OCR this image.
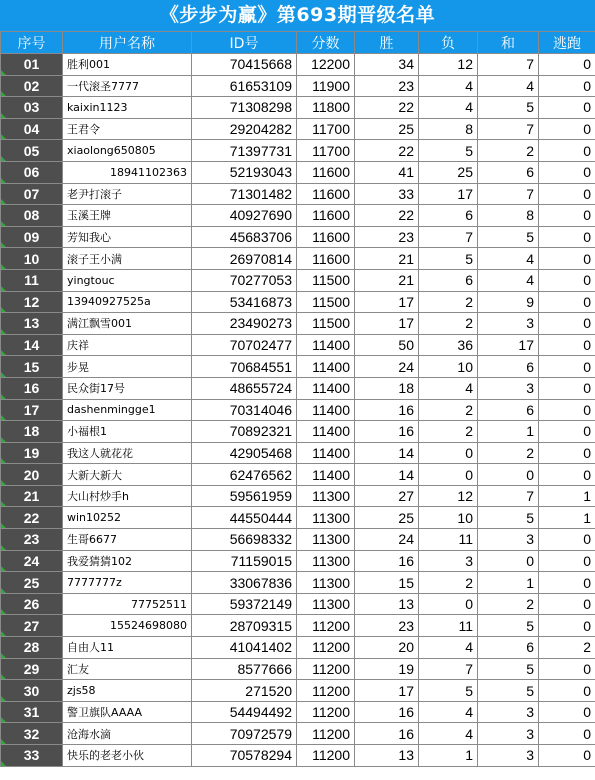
《步步为赢》第693期晋级名单
序号	用户名称	ID号	分数	胜	负	和	逃跑
01	胜利001	70415668	12200	34	12	7	0
02	一代滚圣7777	61653109	11900	23	4	4	0
03	kaixin1123	71308298	11800	22	4	5	0
04	王君令	29204282	11700	25	8	7	0
05	xiaolong650805	71397731	11700	22	5	2	0
06	18941102363	52193043	11600	41	25	6	0
07	老尹打滚子	71301482	11600	33	17	7	0
08	玉溪王牌	40927690	11600	22	6	8	0
09	芳知我心	45683706	11600	23	7	5	0
10	滚子王小满	26970814	11600	21	5	4	0
11	yingtouc	70277053	11500	21	6	4	0
12	13940927525a	53416873	11500	17	2	9	0
13	满江飘雪001	23490273	11500	17	2	3	0
14	庆祥	70702477	11400	50	36	17	0
15	步晃	70684551	11400	24	10	6	0
16	民众街17号	48655724	11400	18	4	3	0
17	dashenmingge1	70314046	11400	16	2	6	0
18	小福根1	70892321	11400	16	2	1	0
19	我这人就花花	42905468	11400	14	0	2	0
20	大新大新大	62476562	11400	14	0	0	0
21	大山村炒手h	59561959	11300	27	12	7	1
22	win10252	44550444	11300	25	10	5	1
23	生哥6677	56698332	11300	24	11	3	0
24	我爱猜猜102	71159015	11300	16	3	0	0
25	7777777z	33067836	11300	15	2	1	0
26	77752511	59372149	11300	13	0	2	0
27	15524698080	28709315	11200	23	11	5	0
28	自由人11	41041402	11200	20	4	6	2
29	汇友	8577666	11200	19	7	5	0
30	zjs58	271520	11200	17	5	5	0
31	警卫旗队AAAA	54494492	11200	16	4	3	0
32	沧海水滴	70972579	11200	16	4	3	0
33	快乐的老老小伙	70578294	11200	13	1	3	0
